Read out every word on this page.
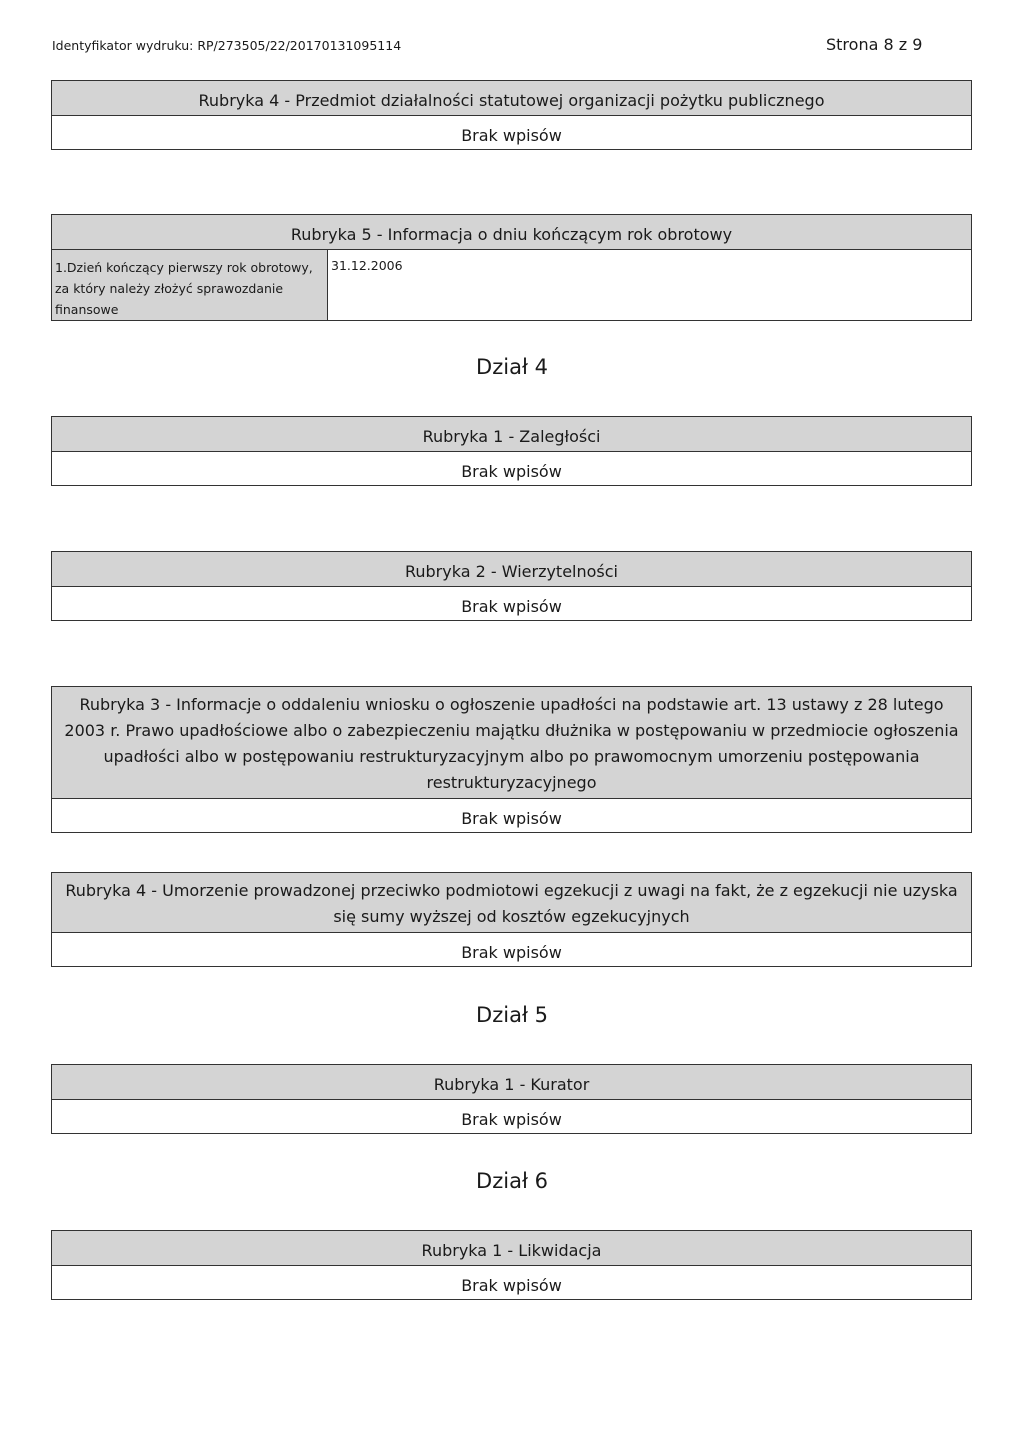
Identyfikator wydruku: RP/273505/22/20170131095114	Strona 8 z 9
Rubryka 4 - Przedmiot działalności statutowej organizacji pożytku publicznego
Brak wpisów
Rubryka 5 - Informacja o dniu kończącym rok obrotowy
1.Dzień kończący pierwszy rok obrotowy, za który należy złożyć sprawozdanie finansowe
31.12.2006
Dział 4
Rubryka 1 - Zaległości
Brak wpisów
Rubryka 2 - Wierzytelności
Brak wpisów
Rubryka 3 - Informacje o oddaleniu wniosku o ogłoszenie upadłości na podstawie art. 13 ustawy z 28 lutego 2003 r. Prawo upadłościowe albo o zabezpieczeniu majątku dłużnika w postępowaniu w przedmiocie ogłoszenia upadłości albo w postępowaniu restrukturyzacyjnym albo po prawomocnym umorzeniu postępowania restrukturyzacyjnego
Brak wpisów
Rubryka 4 - Umorzenie prowadzonej przeciwko podmiotowi egzekucji z uwagi na fakt, że z egzekucji nie uzyska się sumy wyższej od kosztów egzekucyjnych
Brak wpisów
Dział 5
Rubryka 1 - Kurator
Brak wpisów
Dział 6
Rubryka 1 - Likwidacja
Brak wpisów
